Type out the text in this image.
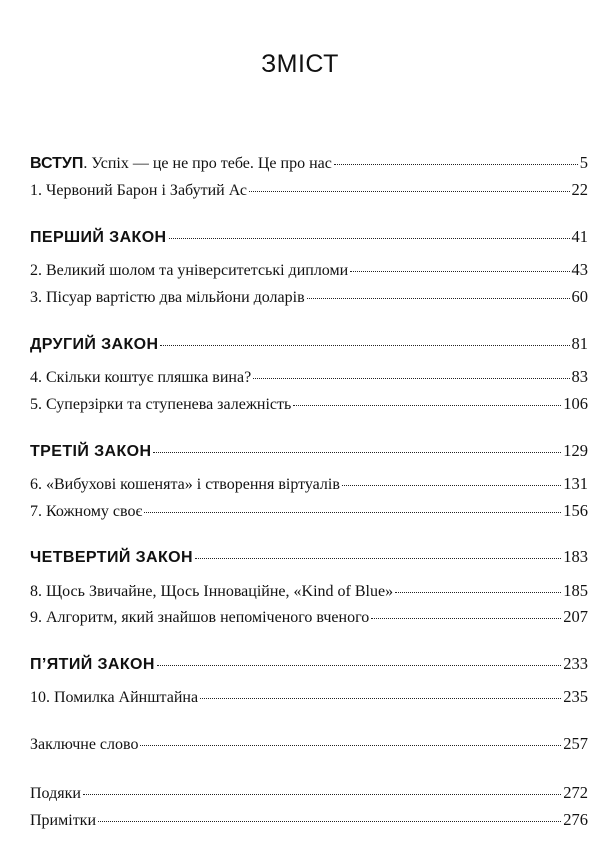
ЗМІСТ
ВСТУП. Успіх — це не про тебе. Це про нас	5
1. Червоний Барон і Забутий Ас	22
ПЕРШИЙ ЗАКОН	41
2. Великий шолом та університетські дипломи	43
3. Пісуар вартістю два мільйони доларів	60
ДРУГИЙ ЗАКОН	81
4. Скільки коштує пляшка вина?	83
5. Суперзірки та ступенева залежність	106
ТРЕТІЙ ЗАКОН	129
6. «Вибухові кошенята» і створення віртуалів	131
7. Кожному своє	156
ЧЕТВЕРТИЙ ЗАКОН	183
8. Щось Звичайне, Щось Інноваційне, «Kind of Blue»	185
9. Алгоритм, який знайшов непоміченого вченого	207
П’ЯТИЙ ЗАКОН	233
10. Помилка Айнштайна	235
Заключне слово	257
Подяки	272
Примітки	276
